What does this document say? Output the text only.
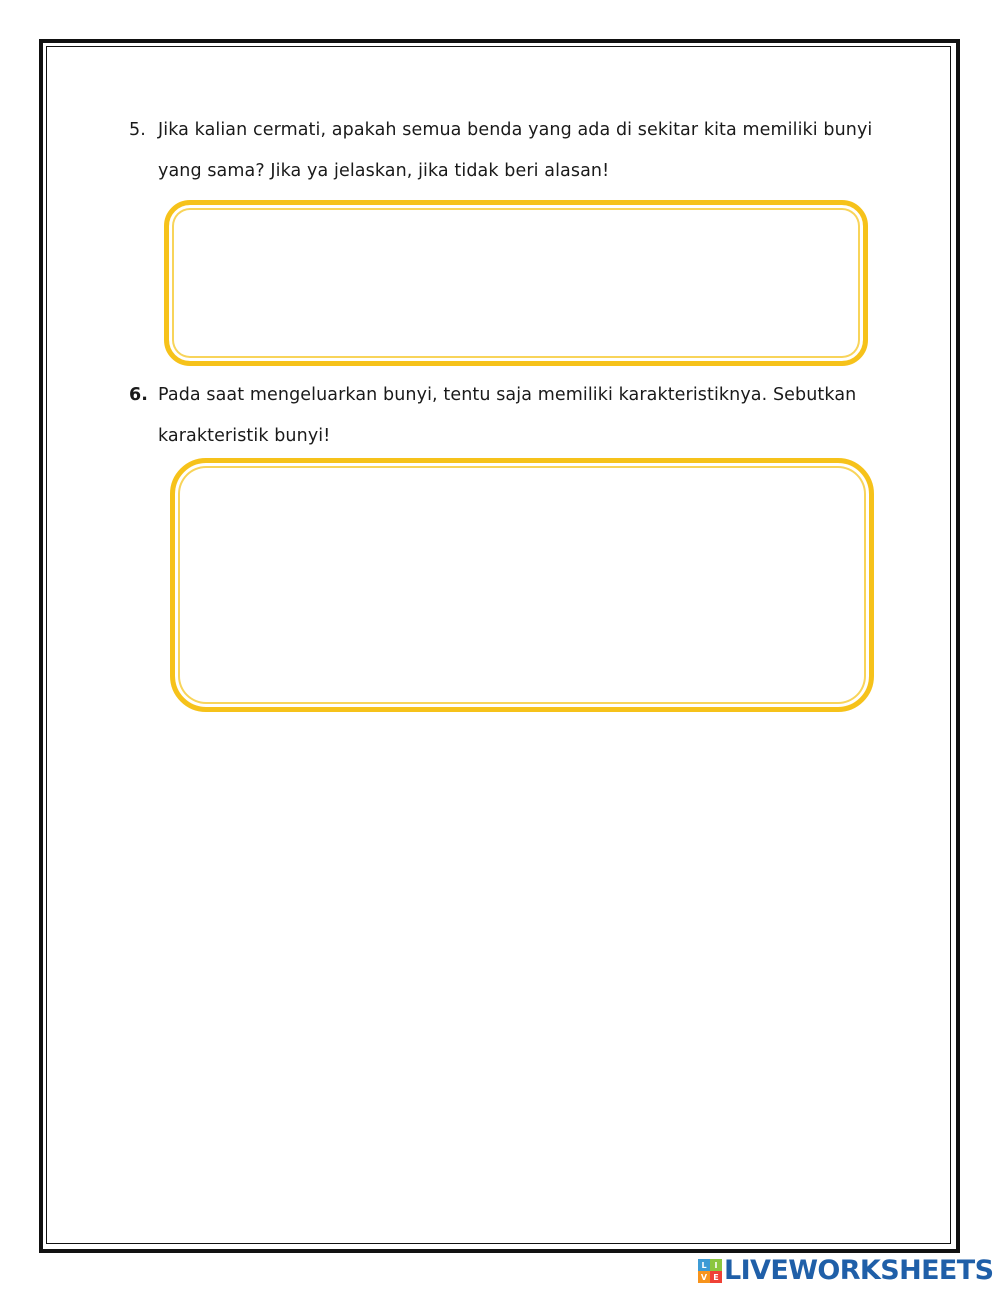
5. Jika kalian cermati, apakah semua benda yang ada di sekitar kita memiliki bunyi yang sama? Jika ya jelaskan, jika tidak beri alasan!
6. Pada saat mengeluarkan bunyi, tentu saja memiliki karakteristiknya. Sebutkan karakteristik bunyi!
L I
V E LIVEWORKSHEETS
